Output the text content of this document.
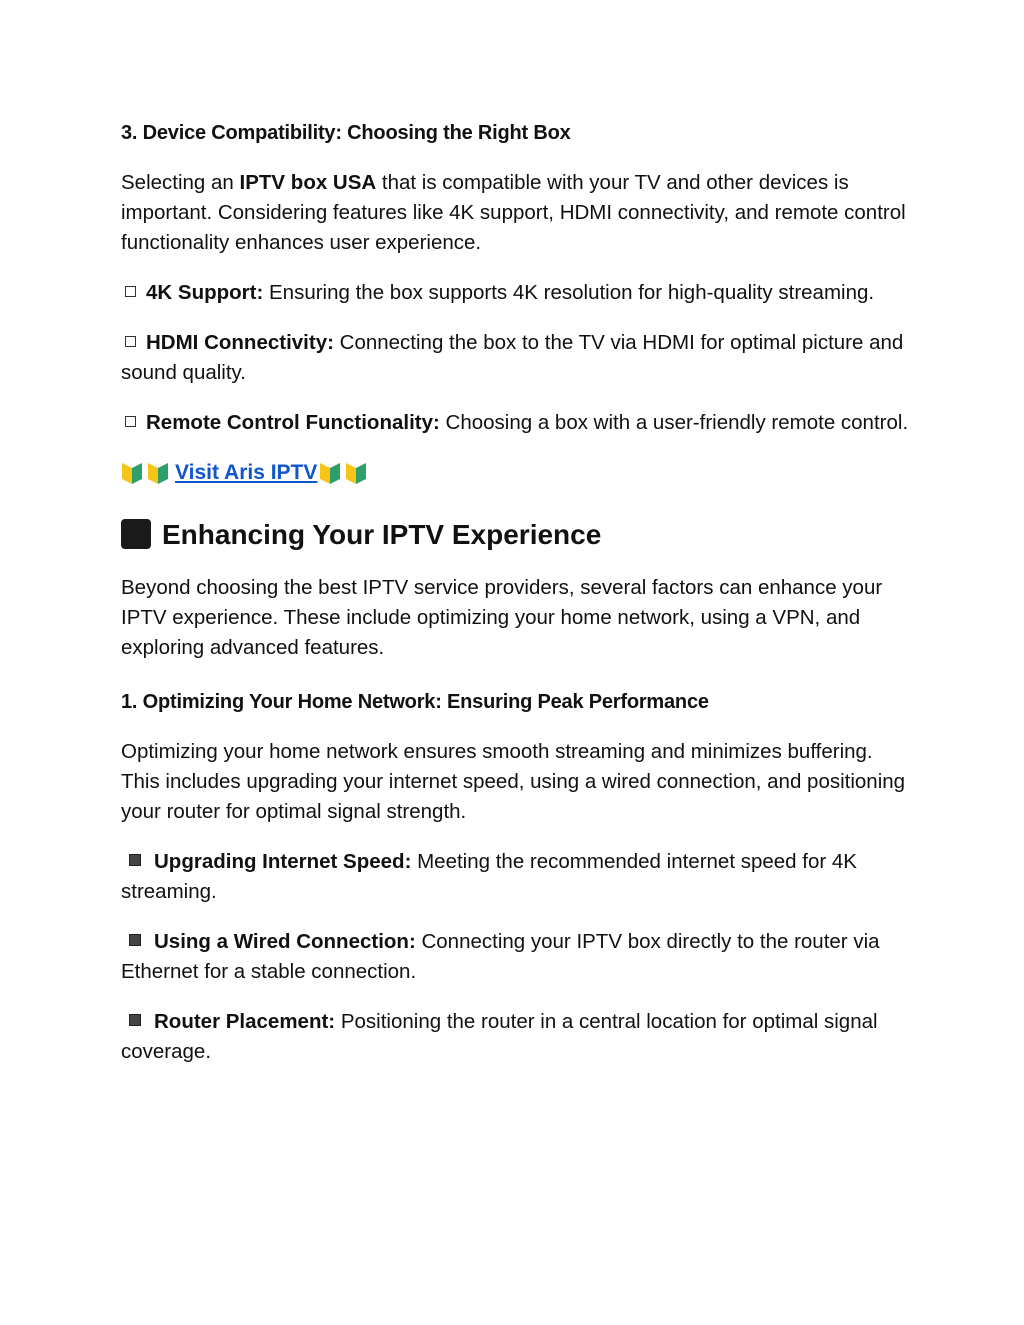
3. Device Compatibility: Choosing the Right Box

Selecting an IPTV box USA that is compatible with your TV and other devices is important. Considering features like 4K support, HDMI connectivity, and remote control functionality enhances user experience.

4K Support: Ensuring the box supports 4K resolution for high-quality streaming.

HDMI Connectivity: Connecting the box to the TV via HDMI for optimal picture and sound quality.

Remote Control Functionality: Choosing a box with a user-friendly remote control.

Visit Aris IPTV
Enhancing Your IPTV Experience

Beyond choosing the best IPTV service providers, several factors can enhance your IPTV experience. These include optimizing your home network, using a VPN, and exploring advanced features.

1. Optimizing Your Home Network: Ensuring Peak Performance

Optimizing your home network ensures smooth streaming and minimizes buffering. This includes upgrading your internet speed, using a wired connection, and positioning your router for optimal signal strength.

Upgrading Internet Speed: Meeting the recommended internet speed for 4K streaming.

Using a Wired Connection: Connecting your IPTV box directly to the router via Ethernet for a stable connection.

Router Placement: Positioning the router in a central location for optimal signal coverage.
